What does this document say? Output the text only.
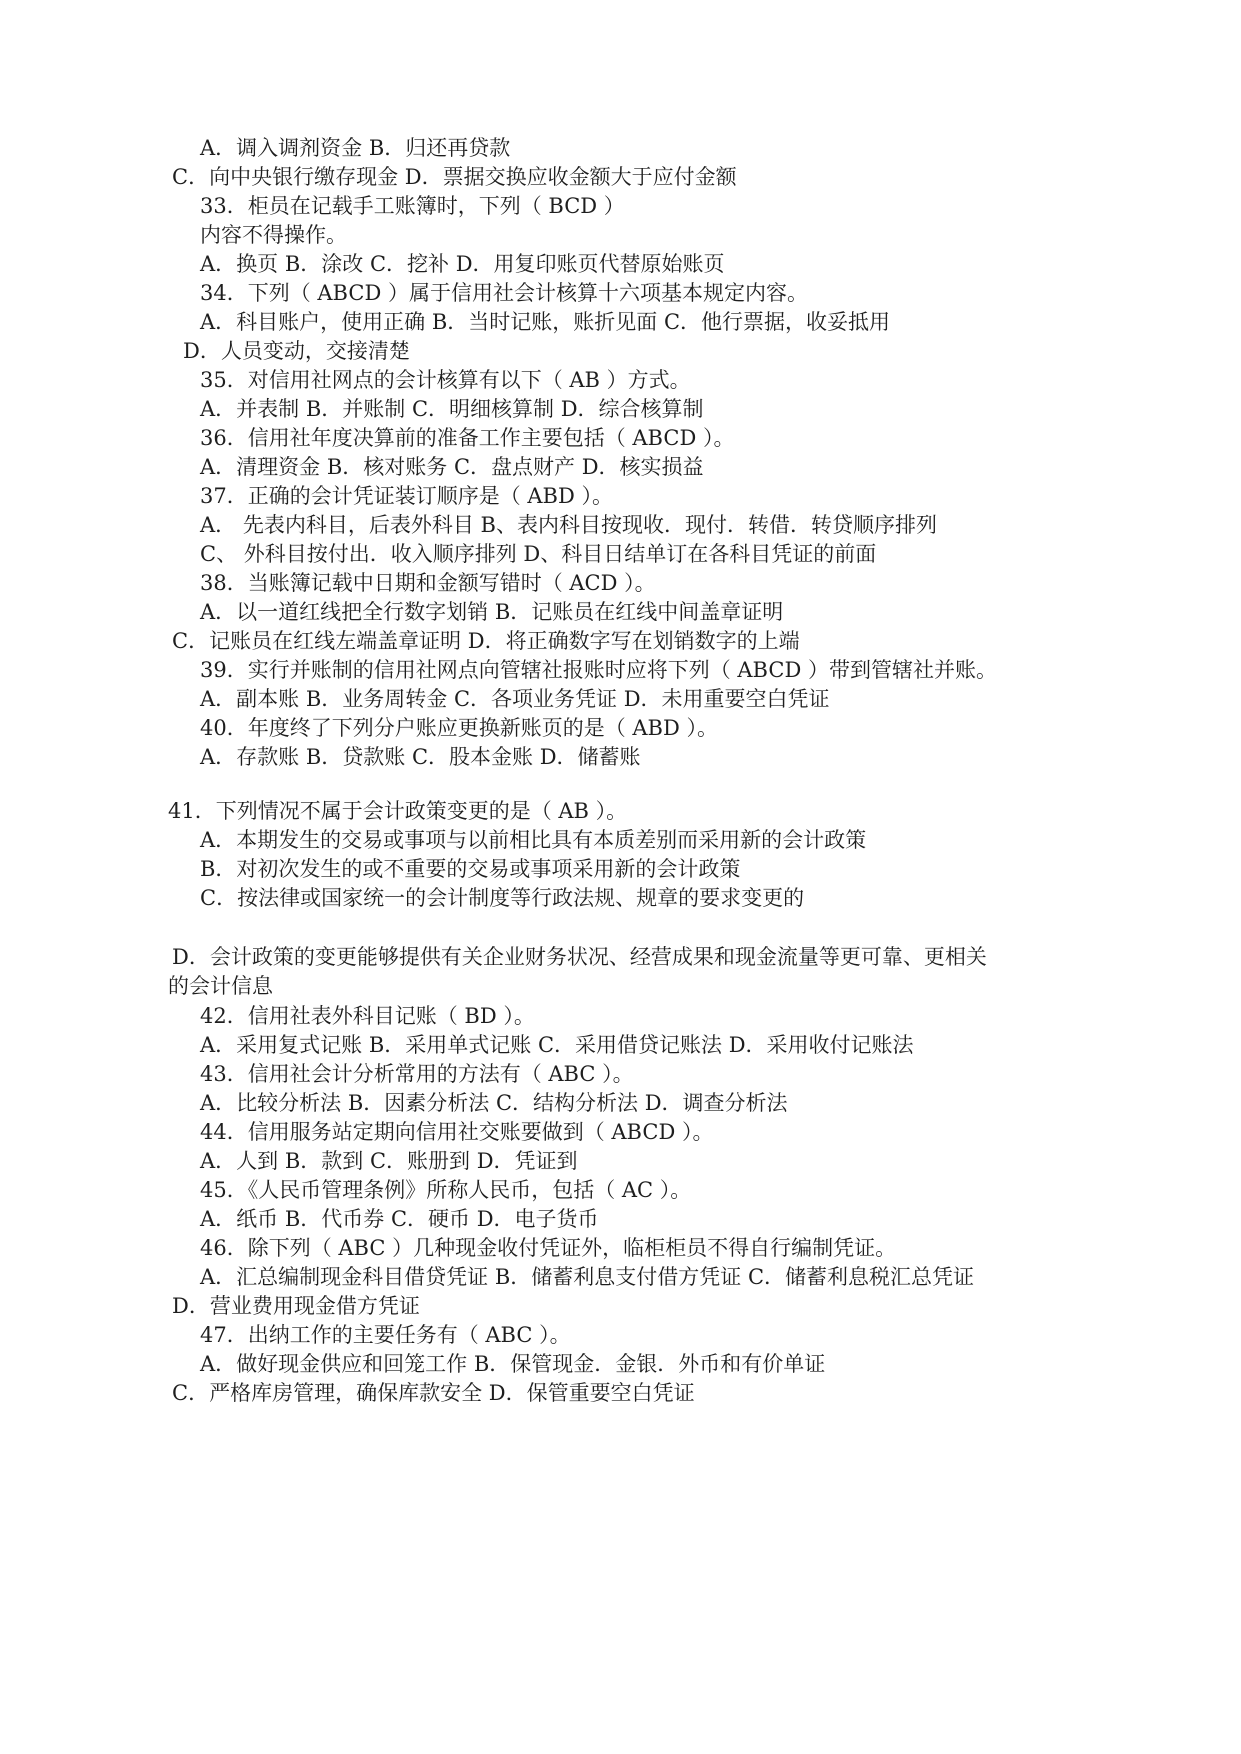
A．调入调剂资金 B．归还再贷款
C．向中央银行缴存现金 D．票据交换应收金额大于应付金额
33．柜员在记载手工账簿时，下列（ BCD ）
内容不得操作。
A．换页 B．涂改 C．挖补 D．用复印账页代替原始账页
34．下列（ ABCD ）属于信用社会计核算十六项基本规定内容。
A．科目账户，使用正确 B．当时记账，账折见面 C．他行票据，收妥抵用
D．人员变动，交接清楚
35．对信用社网点的会计核算有以下（ AB ）方式。
A．并表制 B．并账制 C．明细核算制 D．综合核算制
36．信用社年度决算前的准备工作主要包括（ ABCD ）。
A．清理资金 B．核对账务 C．盘点财产 D．核实损益
37．正确的会计凭证装订顺序是（ ABD ）。
A． 先表内科目，后表外科目 B、表内科目按现收．现付．转借．转贷顺序排列
C、 外科目按付出．收入顺序排列 D、科目日结单订在各科目凭证的前面
38．当账簿记载中日期和金额写错时（ ACD ）。
A．以一道红线把全行数字划销 B．记账员在红线中间盖章证明
C．记账员在红线左端盖章证明 D．将正确数字写在划销数字的上端
39．实行并账制的信用社网点向管辖社报账时应将下列（ ABCD ）带到管辖社并账。
A．副本账 B．业务周转金 C．各项业务凭证 D．未用重要空白凭证
40．年度终了下列分户账应更换新账页的是（ ABD ）。
A．存款账 B．贷款账 C．股本金账 D．储蓄账
41．下列情况不属于会计政策变更的是（ AB ）。
A．本期发生的交易或事项与以前相比具有本质差别而采用新的会计政策
B．对初次发生的或不重要的交易或事项采用新的会计政策
C．按法律或国家统一的会计制度等行政法规、规章的要求变更的
D．会计政策的变更能够提供有关企业财务状况、经营成果和现金流量等更可靠、更相关
的会计信息
42．信用社表外科目记账（ BD ）。
A．采用复式记账 B．采用单式记账 C．采用借贷记账法 D．采用收付记账法
43．信用社会计分析常用的方法有（ ABC ）。
A．比较分析法 B．因素分析法 C．结构分析法 D．调查分析法
44．信用服务站定期向信用社交账要做到（ ABCD ）。
A．人到 B．款到 C．账册到 D．凭证到
45．《人民币管理条例》所称人民币，包括（ AC ）。
A．纸币 B．代币券 C．硬币 D．电子货币
46．除下列（ ABC ）几种现金收付凭证外，临柜柜员不得自行编制凭证。
A．汇总编制现金科目借贷凭证 B．储蓄利息支付借方凭证 C．储蓄利息税汇总凭证
D．营业费用现金借方凭证
47．出纳工作的主要任务有（ ABC ）。
A．做好现金供应和回笼工作 B．保管现金．金银．外币和有价单证
C．严格库房管理，确保库款安全 D．保管重要空白凭证
